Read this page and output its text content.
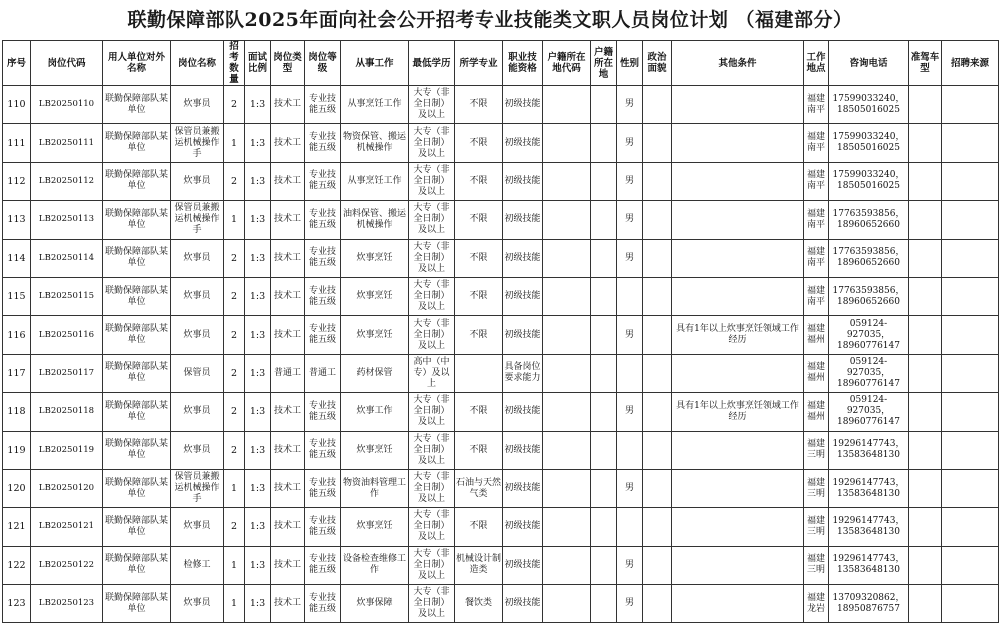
联勤保障部队2025年面向社会公开招考专业技能类文职人员岗位计划 （福建部分）
序号	岗位代码	用人单位对外名称	岗位名称	招考数量	面试比例	岗位类型	岗位等级	从事工作	最低学历	所学专业	职业技能资格	户籍所在地代码	户籍所在地	性别	政治面貌	其他条件	工作地点	咨询电话	准驾车型	招聘来源
110	LB20250110	联勤保障部队某单位	炊事员	2	1:3	技术工	专业技能五级	从事烹饪工作	大专（非全日制）及以上	不限	初级技能			男			福建南平	17599033240，18505016025		
111	LB20250111	联勤保障部队某单位	保管员兼搬运机械操作手	1	1:3	技术工	专业技能五级	物资保管、搬运机械操作	大专（非全日制）及以上	不限	初级技能			男			福建南平	17599033240，18505016025		
112	LB20250112	联勤保障部队某单位	炊事员	2	1:3	技术工	专业技能五级	从事烹饪工作	大专（非全日制）及以上	不限	初级技能			男			福建南平	17599033240，18505016025		
113	LB20250113	联勤保障部队某单位	保管员兼搬运机械操作手	1	1:3	技术工	专业技能五级	油料保管、搬运机械操作	大专（非全日制）及以上	不限	初级技能			男			福建南平	17763593856，18960652660		
114	LB20250114	联勤保障部队某单位	炊事员	2	1:3	技术工	专业技能五级	炊事烹饪	大专（非全日制）及以上	不限	初级技能			男			福建南平	17763593856，18960652660		
115	LB20250115	联勤保障部队某单位	炊事员	2	1:3	技术工	专业技能五级	炊事烹饪	大专（非全日制）及以上	不限	初级技能						福建南平	17763593856，18960652660		
116	LB20250116	联勤保障部队某单位	炊事员	2	1:3	技术工	专业技能五级	炊事烹饪	大专（非全日制）及以上	不限	初级技能			男		具有1年以上炊事烹饪领域工作经历	福建福州	059124-927035，18960776147		
117	LB20250117	联勤保障部队某单位	保管员	2	1:3	普通工	普通工	药材保管	高中（中专）及以上		具备岗位要求能力						福建福州	059124-927035，18960776147		
118	LB20250118	联勤保障部队某单位	炊事员	2	1:3	技术工	专业技能五级	炊事工作	大专（非全日制）及以上	不限	初级技能			男		具有1年以上炊事烹饪领域工作经历	福建福州	059124-927035，18960776147		
119	LB20250119	联勤保障部队某单位	炊事员	2	1:3	技术工	专业技能五级	炊事烹饪	大专（非全日制）及以上	不限	初级技能						福建三明	19296147743，13583648130		
120	LB20250120	联勤保障部队某单位	保管员兼搬运机械操作手	1	1:3	技术工	专业技能五级	物资油料管理工作	大专（非全日制）及以上	石油与天然气类	初级技能			男			福建三明	19296147743，13583648130		
121	LB20250121	联勤保障部队某单位	炊事员	2	1:3	技术工	专业技能五级	炊事烹饪	大专（非全日制）及以上	不限	初级技能						福建三明	19296147743，13583648130		
122	LB20250122	联勤保障部队某单位	检修工	1	1:3	技术工	专业技能五级	设备检查维修工作	大专（非全日制）及以上	机械设计制造类	初级技能			男			福建三明	19296147743，13583648130		
123	LB20250123	联勤保障部队某单位	炊事员	1	1:3	技术工	专业技能五级	炊事保障	大专（非全日制）及以上	餐饮类	初级技能			男			福建龙岩	13709320862，18950876757		
